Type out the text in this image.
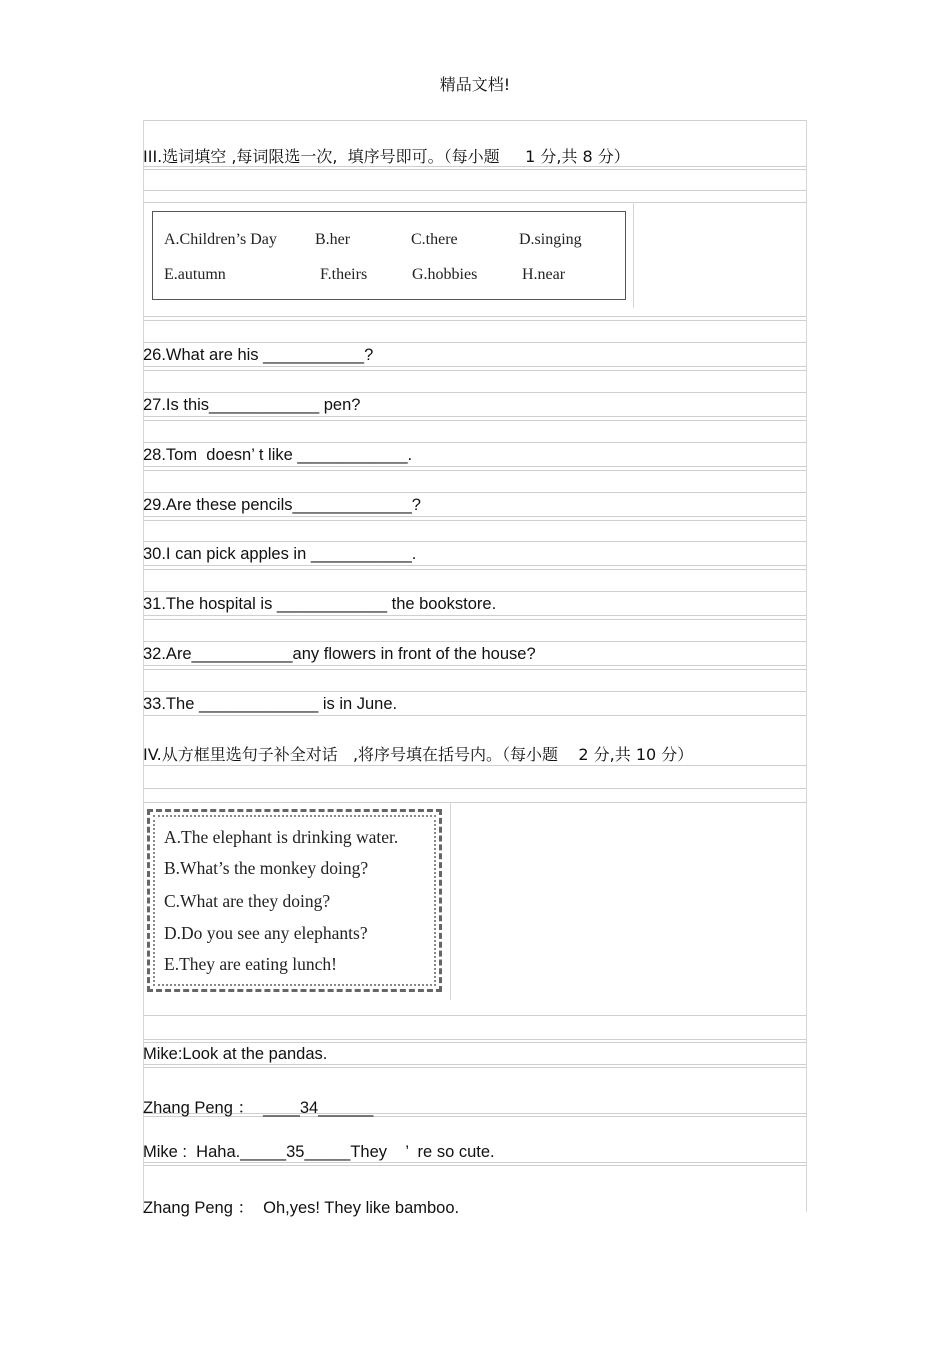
精品文档!
III.选词填空 ,每词限选一次,  填序号即可。（每小题     1 分,共 8 分）
A.Children’s Day B.her	C.there	D.singing
E.autumn	F.theirs	G.hobbies	H.near
26.What are his ___________?
27.Is this____________ pen?
28.Tom  doesn’ t like ____________.
29.Are these pencils_____________?
30.I can pick apples in ___________.
31.The hospital is ____________ the bookstore.
32.Are___________any flowers in front of the house?
33.The _____________ is in June.
IV.从方框里选句子补全对话   ,将序号填在括号内。（每小题    2 分,共 10 分）
A.The elephant is drinking water.
B.What’s the monkey doing?
C.What are they doing?
D.Do you see any elephants?
E.They are eating lunch!
Mike:Look at the pandas.
Zhang Peng ：  ____34______
Mike :  Haha._____35_____They    ’  re so cute.
Zhang Peng ：  Oh,yes! They like bamboo.
